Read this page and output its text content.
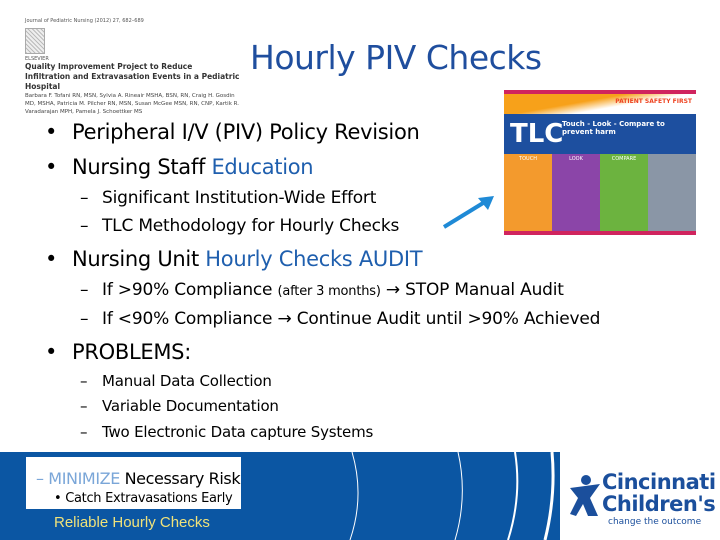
Journal of Pediatric Nursing (2012) 27, 682–689
ELSEVIER
Quality Improvement Project to Reduce Infiltration and Extravasation Events in a Pediatric Hospital
Barbara F. Tofani RN, MSN, Sylvia A. Rineair MSHA, BSN, RN, Craig H. Gosdin MD, MSHA, Patricia M. Pilcher RN, MSN, Susan McGee MSN, RN, CNP, Kartik R. Varadarajan MPH, Pamela J. Schoettker MS
Hourly PIV Checks
• Peripheral I/V (PIV) Policy Revision
• Nursing Staff Education
– Significant Institution-Wide Effort
– TLC Methodology for Hourly Checks
• Nursing Unit Hourly Checks AUDIT
– If >90% Compliance (after 3 months) → STOP Manual Audit
– If <90% Compliance → Continue Audit until >90% Achieved
• PROBLEMS:
– Manual Data Collection
– Variable Documentation
– Two Electronic Data capture Systems
PATIENT SAFETY FIRST
TLC
Touch - Look - Compare to prevent harm
TOUCH	LOOK	COMPARE
– MINIMIZE Necessary Risk
• Catch Extravasations Early
Reliable Hourly Checks
Cincinnati
Children's
change the outcome
